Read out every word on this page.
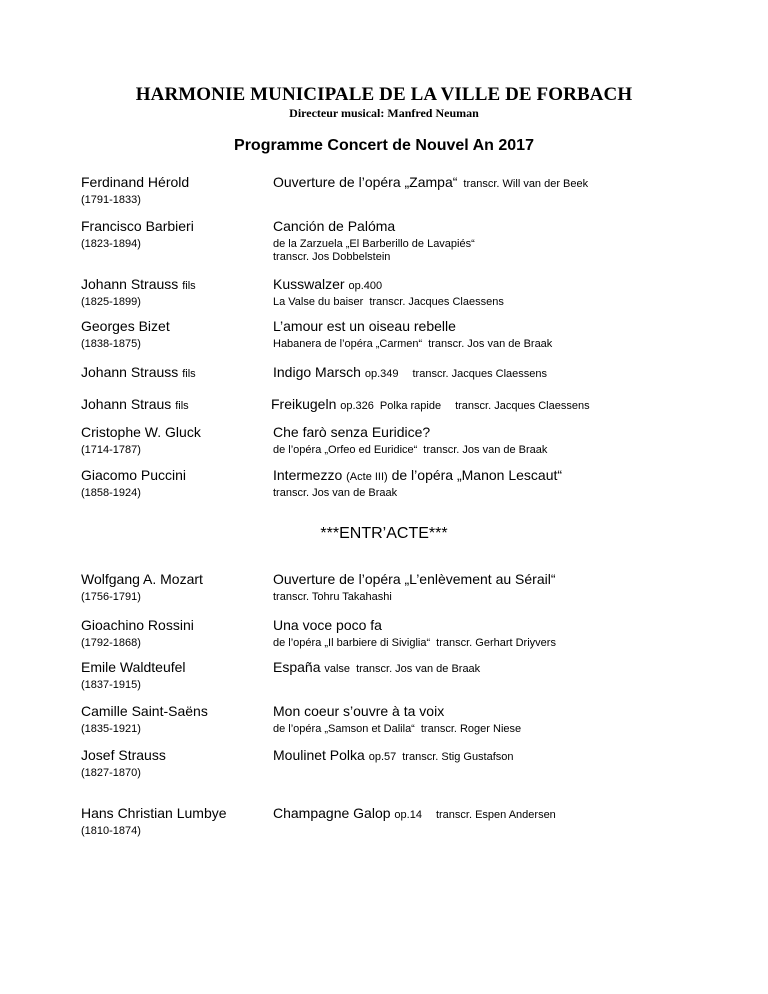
HARMONIE MUNICIPALE DE LA VILLE DE FORBACH
Directeur musical: Manfred Neuman
Programme Concert de Nouvel An 2017
Ferdinand Hérold
(1791-1833)
Ouverture de l’opéra „Zampa“ transcr. Will van der Beek
Francisco Barbieri
(1823-1894)
Canción de Palóma
de la Zarzuela „El Barberillo de Lavapiés“
transcr. Jos Dobbelstein
Johann Strauss fils
(1825-1899)
Kusswalzer op.400
La Valse du baiser transcr. Jacques Claessens
Georges Bizet
(1838-1875)
L’amour est un oiseau rebelle
Habanera de l’opéra „Carmen“ transcr. Jos van de Braak
Johann Strauss fils	Indigo Marsch op.349 transcr. Jacques Claessens
Johann Straus fils	Freikugeln op.326 Polka rapide transcr. Jacques Claessens
Cristophe W. Gluck
(1714-1787)
Che farò senza Euridice?
de l’opéra „Orfeo ed Euridice“ transcr. Jos van de Braak
Giacomo Puccini
(1858-1924)
Intermezzo (Acte III) de l’opéra „Manon Lescaut“
transcr. Jos van de Braak
***ENTR’ACTE***
Wolfgang A. Mozart
(1756-1791)
Ouverture de l’opéra „L’enlèvement au Sérail“
transcr. Tohru Takahashi
Gioachino Rossini
(1792-1868)
Una voce poco fa
de l’opéra „Il barbiere di Siviglia“ transcr. Gerhart Driyvers
Emile Waldteufel
(1837-1915)
España valse transcr. Jos van de Braak
Camille Saint-Saëns
(1835-1921)
Mon coeur s’ouvre à ta voix
de l’opéra „Samson et Dalila“ transcr. Roger Niese
Josef Strauss
(1827-1870)
Moulinet Polka op.57 transcr. Stig Gustafson
Hans Christian Lumbye
(1810-1874)
Champagne Galop op.14 transcr. Espen Andersen
